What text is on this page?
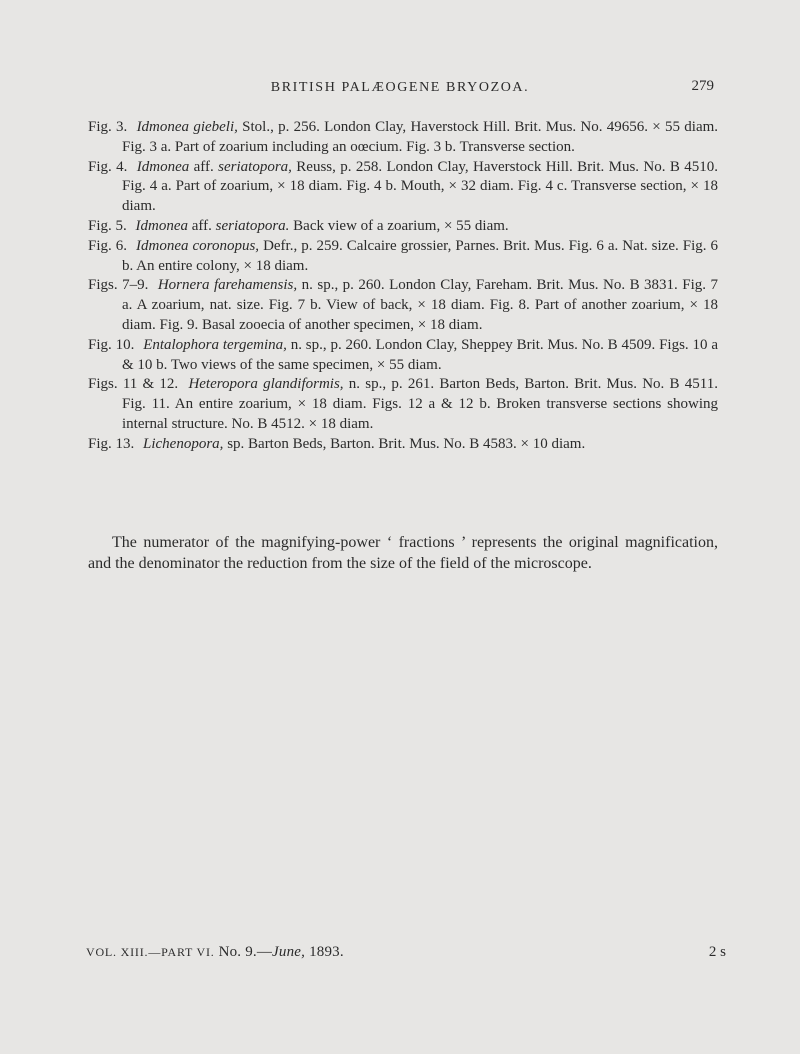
BRITISH PALÆOGENE BRYOZOA.	279

Fig. 3. Idmonea giebeli, Stol., p. 256. London Clay, Haverstock Hill. Brit. Mus. No. 49656. × 55 diam. Fig. 3 a. Part of zoarium including an oœcium. Fig. 3 b. Transverse section.

Fig. 4. Idmonea aff. seriatopora, Reuss, p. 258. London Clay, Haverstock Hill. Brit. Mus. No. B 4510. Fig. 4 a. Part of zoarium, × 18 diam. Fig. 4 b. Mouth, × 32 diam. Fig. 4 c. Transverse section, × 18 diam.

Fig. 5. Idmonea aff. seriatopora. Back view of a zoarium, × 55 diam.

Fig. 6. Idmonea coronopus, Defr., p. 259. Calcaire grossier, Parnes. Brit. Mus. Fig. 6 a. Nat. size. Fig. 6 b. An entire colony, × 18 diam.

Figs. 7–9. Hornera farehamensis, n. sp., p. 260. London Clay, Fareham. Brit. Mus. No. B 3831. Fig. 7 a. A zoarium, nat. size. Fig. 7 b. View of back, × 18 diam. Fig. 8. Part of another zoarium, × 18 diam. Fig. 9. Basal zooecia of another specimen, × 18 diam.

Fig. 10. Entalophora tergemina, n. sp., p. 260. London Clay, Sheppey Brit. Mus. No. B 4509. Figs. 10 a & 10 b. Two views of the same specimen, × 55 diam.

Figs. 11 & 12. Heteropora glandiformis, n. sp., p. 261. Barton Beds, Barton. Brit. Mus. No. B 4511. Fig. 11. An entire zoarium, × 18 diam. Figs. 12 a & 12 b. Broken transverse sections showing internal structure. No. B 4512. × 18 diam.

Fig. 13. Lichenopora, sp. Barton Beds, Barton. Brit. Mus. No. B 4583. × 10 diam.

The numerator of the magnifying-power ‘ fractions ’ represents the original magnification, and the denominator the reduction from the size of the field of the microscope.

VOL. XIII.—PART VI. No. 9.—June, 1893.	2 s
